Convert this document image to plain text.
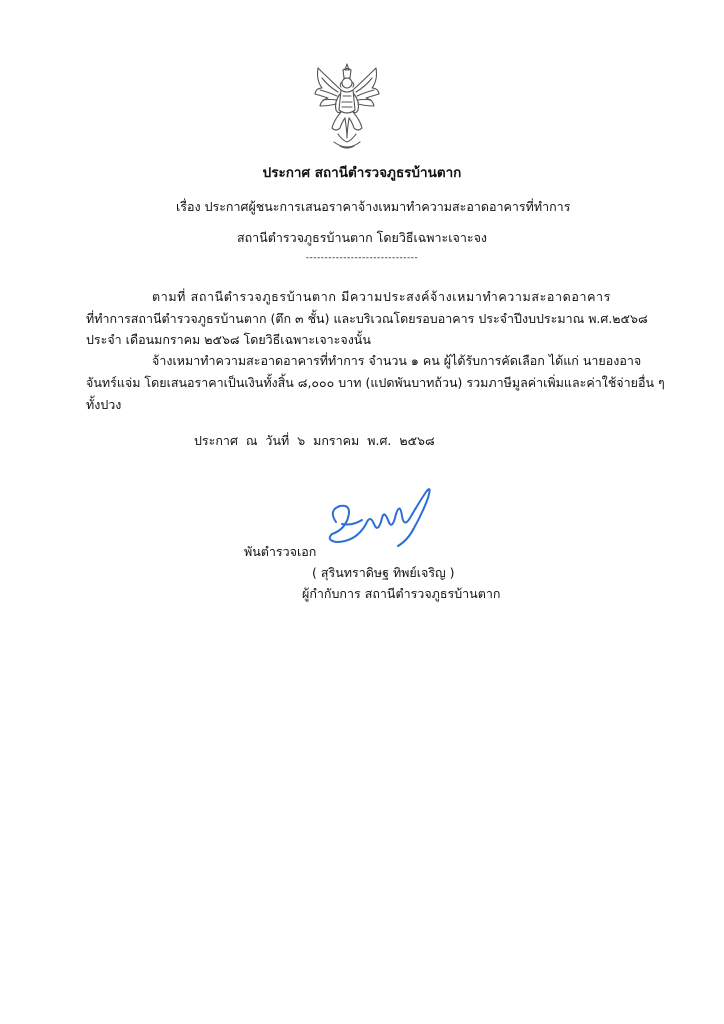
ประกาศ สถานีตำรวจภูธรบ้านตาก
เรื่อง ประกาศผู้ชนะการเสนอราคาจ้างเหมาทำความสะอาดอาคารที่ทำการ
สถานีตำรวจภูธรบ้านตาก โดยวิธีเฉพาะเจาะจง
------------------------------
ตามที่ สถานีตำรวจภูธรบ้านตาก มีความประสงค์จ้างเหมาทำความสะอาดอาคาร
ที่ทำการสถานีตำรวจภูธรบ้านตาก (ตึก ๓ ชั้น) และบริเวณโดยรอบอาคาร ประจำปีงบประมาณ พ.ศ.๒๕๖๘
ประจำ เดือนมกราคม ๒๕๖๘ โดยวิธีเฉพาะเจาะจงนั้น
จ้างเหมาทำความสะอาดอาคารที่ทำการ จำนวน ๑ คน ผู้ได้รับการคัดเลือก ได้แก่ นายองอาจ
จันทร์แจ่ม โดยเสนอราคาเป็นเงินทั้งสิ้น ๘,๐๐๐ บาท (แปดพันบาทถ้วน) รวมภาษีมูลค่าเพิ่มและค่าใช้จ่ายอื่น ๆ
ทั้งปวง
ประกาศ ณ วันที่ ๖ มกราคม พ.ศ. ๒๕๖๘
พันตำรวจเอก
( สุรินทราดิษฐ ทิพย์เจริญ )
ผู้กำกับการ สถานีตำรวจภูธรบ้านตาก
